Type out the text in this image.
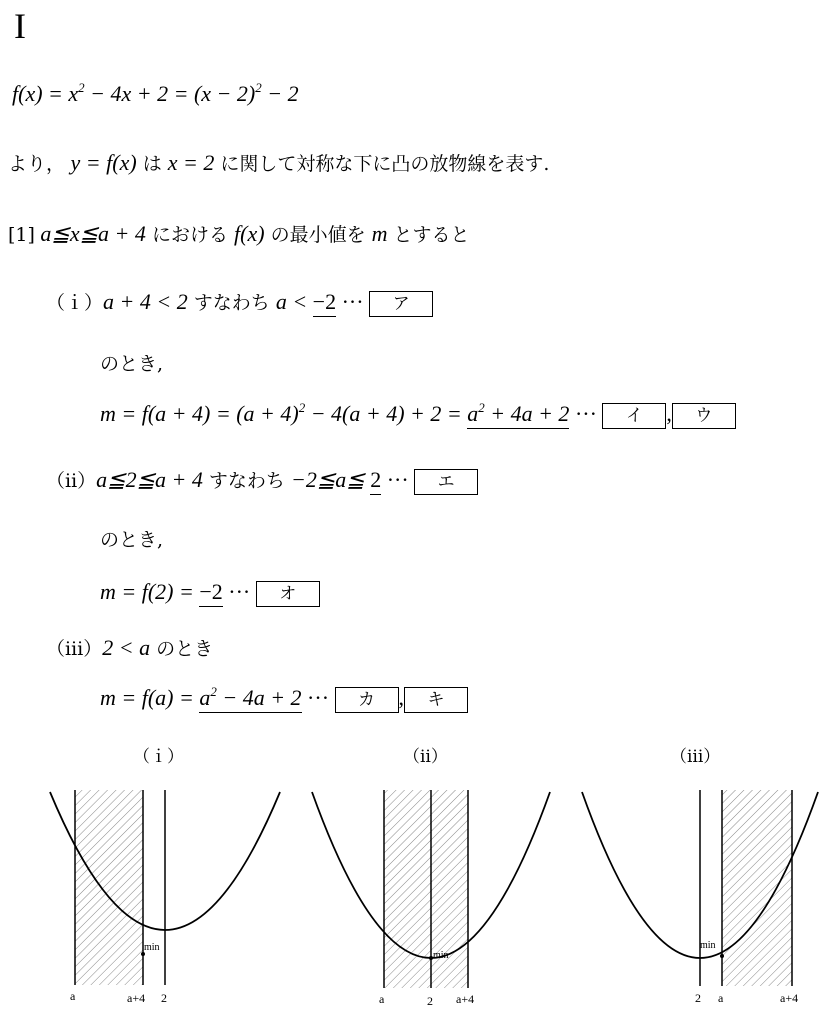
I
$f(x) = x^2 - 4x + 2 = (x - 2)^2 - 2$
より， y = f(x) は x = 2 に関して対称な下に凸の放物線を表す.
[1] a≦x≦a + 4 における f(x) の最小値を m とすると
（ｉ）a + 4 < 2 すなわち a < −2 ··· ア
のとき,
$m = f(a + 4) = (a + 4)^2 - 4(a + 4) + 2 = a^2 + 4a + 2$ ··· イ , ウ
（ⅱ）a≦2≦a + 4 すなわち −2≦a≦ 2 ··· エ
のとき,
m = f(2) = −2 ··· オ
（ⅲ）2 < a のとき
$m = f(a) = a^2 - 4a + 2$ ··· カ , キ
（ｉ）	（ⅱ）	（ⅲ）
min
a	a+4 2
min
a	2 a+4
min
2 a	a+4
